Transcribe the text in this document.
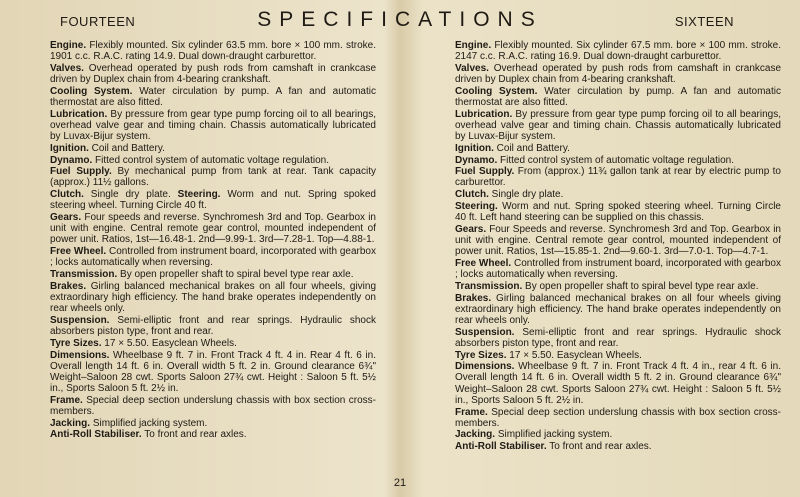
FOURTEEN	SPECIFICATIONS	SIXTEEN

Engine. Flexibly mounted. Six cylinder 63.5 mm. bore × 100 mm. stroke. 1901 c.c. R.A.C. rating 14.9. Dual down-draught carburettor.

Valves. Overhead operated by push rods from camshaft in crankcase driven by Duplex chain from 4-bearing crankshaft.

Cooling System. Water circulation by pump. A fan and automatic thermostat are also fitted.

Lubrication. By pressure from gear type pump forcing oil to all bearings, overhead valve gear and timing chain. Chassis automatically lubricated by Luvax-Bijur system.

Ignition. Coil and Battery.

Dynamo. Fitted control system of automatic voltage regulation.

Fuel Supply. By mechanical pump from tank at rear. Tank capacity (approx.) 11½ gallons.

Clutch. Single dry plate. Steering. Worm and nut. Spring spoked steering wheel. Turning Circle 40 ft.

Gears. Four speeds and reverse. Synchromesh 3rd and Top. Gearbox in unit with engine. Central remote gear control, mounted independent of power unit. Ratios, 1st—16.48-1. 2nd—9.99-1. 3rd—7.28-1. Top—4.88-1.

Free Wheel. Controlled from instrument board, incorporated with gearbox ; locks automatically when reversing.

Transmission. By open propeller shaft to spiral bevel type rear axle.

Brakes. Girling balanced mechanical brakes on all four wheels, giving extraordinary high efficiency. The hand brake operates independently on rear wheels only.

Suspension. Semi-elliptic front and rear springs. Hydraulic shock absorbers piston type, front and rear.

Tyre Sizes. 17 × 5.50. Easyclean Wheels.

Dimensions. Wheelbase 9 ft. 7 in. Front Track 4 ft. 4 in. Rear 4 ft. 6 in. Overall length 14 ft. 6 in. Overall width 5 ft. 2 in. Ground clearance 6¾" Weight–Saloon 28 cwt. Sports Saloon 27¾ cwt. Height : Saloon 5 ft. 5½ in., Sports Saloon 5 ft. 2½ in.

Frame. Special deep section underslung chassis with box section cross-members.

Jacking. Simplified jacking system.

Anti-Roll Stabiliser. To front and rear axles.

Engine. Flexibly mounted. Six cylinder 67.5 mm. bore × 100 mm. stroke. 2147 c.c. R.A.C. rating 16.9. Dual down-draught carburettor.

Valves. Overhead operated by push rods from camshaft in crankcase driven by Duplex chain from 4-bearing crankshaft.

Cooling System. Water circulation by pump. A fan and automatic thermostat are also fitted.

Lubrication. By pressure from gear type pump forcing oil to all bearings, overhead valve gear and timing chain. Chassis automatically lubricated by Luvax-Bijur system.

Ignition. Coil and Battery.

Dynamo. Fitted control system of automatic voltage regulation.

Fuel Supply. From (approx.) 11¾ gallon tank at rear by electric pump to carburettor.

Clutch. Single dry plate.

Steering. Worm and nut. Spring spoked steering wheel. Turning Circle 40 ft. Left hand steering can be supplied on this chassis.

Gears. Four Speeds and reverse. Synchromesh 3rd and Top. Gearbox in unit with engine. Central remote gear control, mounted independent of power unit. Ratios, 1st—15.85-1. 2nd—9.60-1. 3rd—7.0-1. Top—4.7-1.

Free Wheel. Controlled from instrument board, incorporated with gearbox ; locks automatically when reversing.

Transmission. By open propeller shaft to spiral bevel type rear axle.

Brakes. Girling balanced mechanical brakes on all four wheels giving extraordinary high efficiency. The hand brake operates independently on rear wheels only.

Suspension. Semi-elliptic front and rear springs. Hydraulic shock absorbers piston type, front and rear.

Tyre Sizes. 17 × 5.50. Easyclean Wheels.

Dimensions. Wheelbase 9 ft. 7 in. Front Track 4 ft. 4 in., rear 4 ft. 6 in. Overall length 14 ft. 6 in. Overall width 5 ft. 2 in. Ground clearance 6¾" Weight–Saloon 28 cwt. Sports Saloon 27¾ cwt. Height : Saloon 5 ft. 5½ in., Sports Saloon 5 ft. 2½ in.

Frame. Special deep section underslung chassis with box section cross-members.

Jacking. Simplified jacking system.

Anti-Roll Stabiliser. To front and rear axles.

21
